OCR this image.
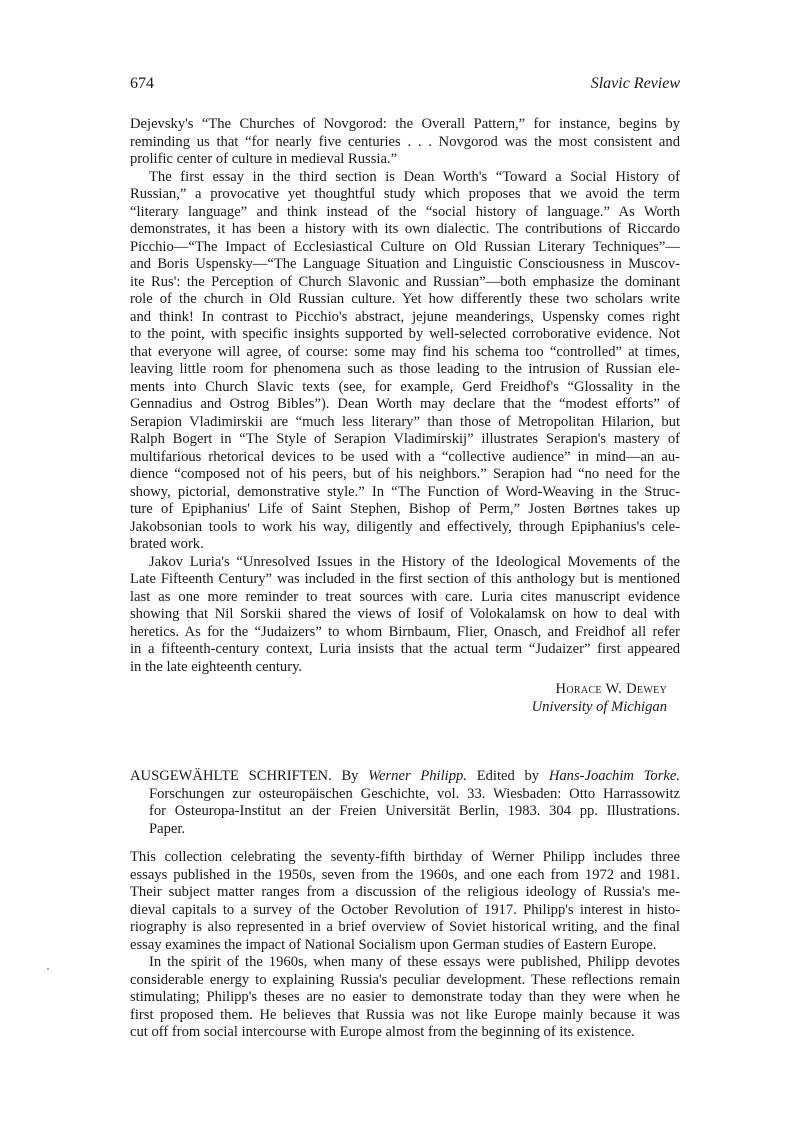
674	Slavic Review
Dejevsky's “The Churches of Novgorod: the Overall Pattern,” for instance, begins by
reminding us that “for nearly five centuries . . . Novgorod was the most consistent and
prolific center of culture in medieval Russia.”
The first essay in the third section is Dean Worth's “Toward a Social History of
Russian,” a provocative yet thoughtful study which proposes that we avoid the term
“literary language” and think instead of the “social history of language.” As Worth
demonstrates, it has been a history with its own dialectic. The contributions of Riccardo
Picchio—“The Impact of Ecclesiastical Culture on Old Russian Literary Techniques”—
and Boris Uspensky—“The Language Situation and Linguistic Consciousness in Muscov-
ite Rus': the Perception of Church Slavonic and Russian”—both emphasize the dominant
role of the church in Old Russian culture. Yet how differently these two scholars write
and think! In contrast to Picchio's abstract, jejune meanderings, Uspensky comes right
to the point, with specific insights supported by well-selected corroborative evidence. Not
that everyone will agree, of course: some may find his schema too “controlled” at times,
leaving little room for phenomena such as those leading to the intrusion of Russian ele-
ments into Church Slavic texts (see, for example, Gerd Freidhof's “Glossality in the
Gennadius and Ostrog Bibles”). Dean Worth may declare that the “modest efforts” of
Serapion Vladimirskii are “much less literary” than those of Metropolitan Hilarion, but
Ralph Bogert in “The Style of Serapion Vladimirskij” illustrates Serapion's mastery of
multifarious rhetorical devices to be used with a “collective audience” in mind—an au-
dience “composed not of his peers, but of his neighbors.” Serapion had “no need for the
showy, pictorial, demonstrative style.” In “The Function of Word-Weaving in the Struc-
ture of Epiphanius' Life of Saint Stephen, Bishop of Perm,” Josten Børtnes takes up
Jakobsonian tools to work his way, diligently and effectively, through Epiphanius's cele-
brated work.
Jakov Luria's “Unresolved Issues in the History of the Ideological Movements of the
Late Fifteenth Century” was included in the first section of this anthology but is mentioned
last as one more reminder to treat sources with care. Luria cites manuscript evidence
showing that Nil Sorskii shared the views of Iosif of Volokalamsk on how to deal with
heretics. As for the “Judaizers” to whom Birnbaum, Flier, Onasch, and Freidhof all refer
in a fifteenth-century context, Luria insists that the actual term “Judaizer” first appeared
in the late eighteenth century.
Horace W. Dewey
University of Michigan
AUSGEWÄHLTE SCHRIFTEN. By Werner Philipp. Edited by Hans-Joachim Torke.
Forschungen zur osteuropäischen Geschichte, vol. 33. Wiesbaden: Otto Harrassowitz
for Osteuropa-Institut an der Freien Universität Berlin, 1983. 304 pp. Illustrations.
Paper.
This collection celebrating the seventy-fifth birthday of Werner Philipp includes three
essays published in the 1950s, seven from the 1960s, and one each from 1972 and 1981.
Their subject matter ranges from a discussion of the religious ideology of Russia's me-
dieval capitals to a survey of the October Revolution of 1917. Philipp's interest in histo-
riography is also represented in a brief overview of Soviet historical writing, and the final
essay examines the impact of National Socialism upon German studies of Eastern Europe.
In the spirit of the 1960s, when many of these essays were published, Philipp devotes
considerable energy to explaining Russia's peculiar development. These reflections remain
stimulating; Philipp's theses are no easier to demonstrate today than they were when he
first proposed them. He believes that Russia was not like Europe mainly because it was
cut off from social intercourse with Europe almost from the beginning of its existence.
